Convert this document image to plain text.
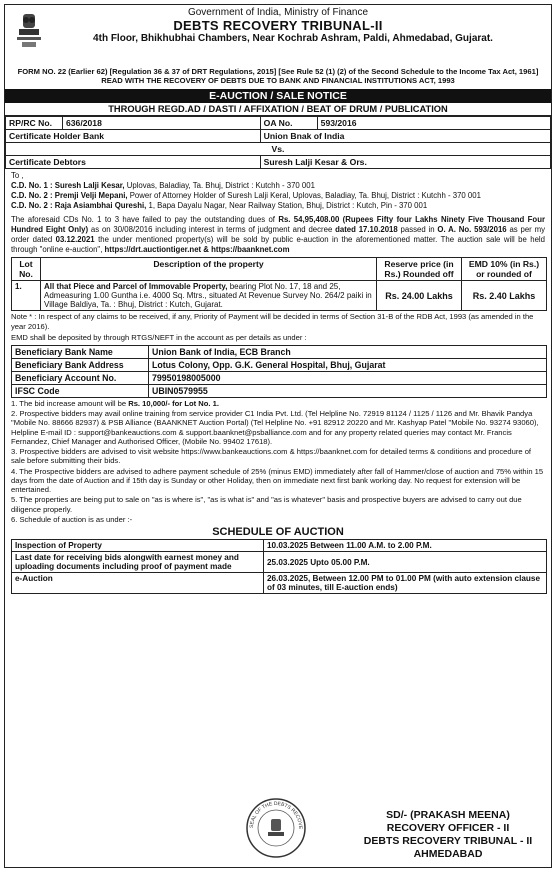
Government of India, Ministry of Finance
DEBTS RECOVERY TRIBUNAL-II
4th Floor, Bhikhubhai Chambers, Near Kochrab Ashram, Paldi, Ahmedabad, Gujarat.
FORM NO. 22 (Earlier 62) [Regulation 36 & 37 of DRT Regulations, 2015] [See Rule 52 (1) (2) of the Second Schedule to the Income Tax Act, 1961] READ WITH THE RECOVERY OF DEBTS DUE TO BANK AND FINANCIAL INSTITUTIONS ACT, 1993
E-AUCTION / SALE NOTICE
THROUGH REGD.AD / DASTI / AFFIXATION / BEAT OF DRUM / PUBLICATION
RP/RC No.	636/2018	OA No.	593/2016
Certificate Holder Bank		Union Bnak of India	
Vs.			
Certificate Debtors		Suresh Lalji Kesar & Ors.	
To ,
C.D. No. 1 : Suresh Lalji Kesar, Uplovas, Baladiay, Ta. Bhuj, District : Kutchh - 370 001
C.D. No. 2 : Premji Velji Mepani, Power of Attorney Holder of Suresh Lalji Keral, Uplovas, Baladiay, Ta. Bhuj, District : Kutchh - 370 001
C.D. No. 2 : Raja Asiambhai Qureshi, 1, Bapa Dayalu Nagar, Near Railway Station, Bhuj, District : Kutch, Pin - 370 001
The aforesaid CDs No. 1 to 3 have failed to pay the outstanding dues of Rs. 54,95,408.00 (Rupees Fifty four Lakhs Ninety Five Thousand Four Hundred Eight Only) as on 30/08/2016 including interest in terms of judgment and decree dated 17.10.2018 passed in O. A. No. 593/2016 as per my order dated 03.12.2021 the under mentioned property(s) will be sold by public e-auction in the aforementioned matter. The auction sale will be held through "online e-auction", https://drt.auctiontiger.net & https://baanknet.com
Lot No.	Description of the property	Reserve price (in Rs.) Rounded off	EMD 10% (in Rs.) or rounded of
1.	All that Piece and Parcel of Immovable Property, bearing Plot No. 17, 18 and 25, Admeasuring 1.00 Guntha i.e. 4000 Sq. Mtrs., situated At Revenue Survey No. 264/2 paiki in Village Baldiya, Ta. : Bhuj, District : Kutch, Gujarat.	Rs. 24.00 Lakhs	Rs. 2.40 Lakhs
Note * : In respect of any claims to be received, if any, Priority of Payment will be decided in terms of Section 31-B of the RDB Act, 1993 (as amended in the year 2016).
EMD shall be deposited by through RTGS/NEFT in the account as per details as under :
Beneficiary Bank Name	Union Bank of India, ECB Branch
Beneficiary Bank Address	Lotus Colony, Opp. G.K. General Hospital, Bhuj, Gujarat
Beneficiary Account No.	79950198005000
IFSC Code	UBIN0579955
1. The bid increase amount will be Rs. 10,000/- for Lot No. 1.
2. Prospective bidders may avail online training from service provider C1 India Pvt. Ltd. (Tel Helpline No. 72919 81124 / 1125 / 1126 and Mr. Bhavik Pandya "Mobile No. 88666 82937) & PSB Alliance (BAANKNET Auction Portal) (Tel Helpline No. +91 82912 20220 and Mr. Kashyap Patel "Mobile No. 93274 93060), Helpline E-mail ID : support@bankeauctions.com & support.baanknet@psballiance.com and for any property related queries may contact Mr. Francis Fernandez, Chief Manager and Authorised Officer, (Mobile No. 99402 17618).
3. Prospective bidders are advised to visit website https://www.bankeauctions.com & https://baanknet.com for detailed terms & conditions and procedure of sale before submitting their bids.
4. The Prospective bidders are advised to adhere payment schedule of 25% (minus EMD) immediately after fall of Hammer/close of auction and 75% within 15 days from the date of Auction and if 15th day is Sunday or other Holiday, then on immediate next first bank working day. No request for extension will be entertained.
5. The properties are being put to sale on "as is where is", "as is what is" and "as is whatever" basis and prospective buyers are advised to carry out due diligence properly.
6. Schedule of auction is as under :-
SCHEDULE OF AUCTION
Inspection of Property	10.03.2025 Between 11.00 A.M. to 2.00 P.M.
Last date for receiving bids alongwith earnest money and uploading documents including proof of payment made	25.03.2025 Upto 05.00 P.M.
e-Auction	26.03.2025, Between 12.00 PM to 01.00 PM (with auto extension clause of 03 minutes, till E-auction ends)
SEAL OF THE DEBTS RECOVE
SD/- (PRAKASH MEENA)
RECOVERY OFFICER - II
DEBTS RECOVERY TRIBUNAL - II
AHMEDABAD
